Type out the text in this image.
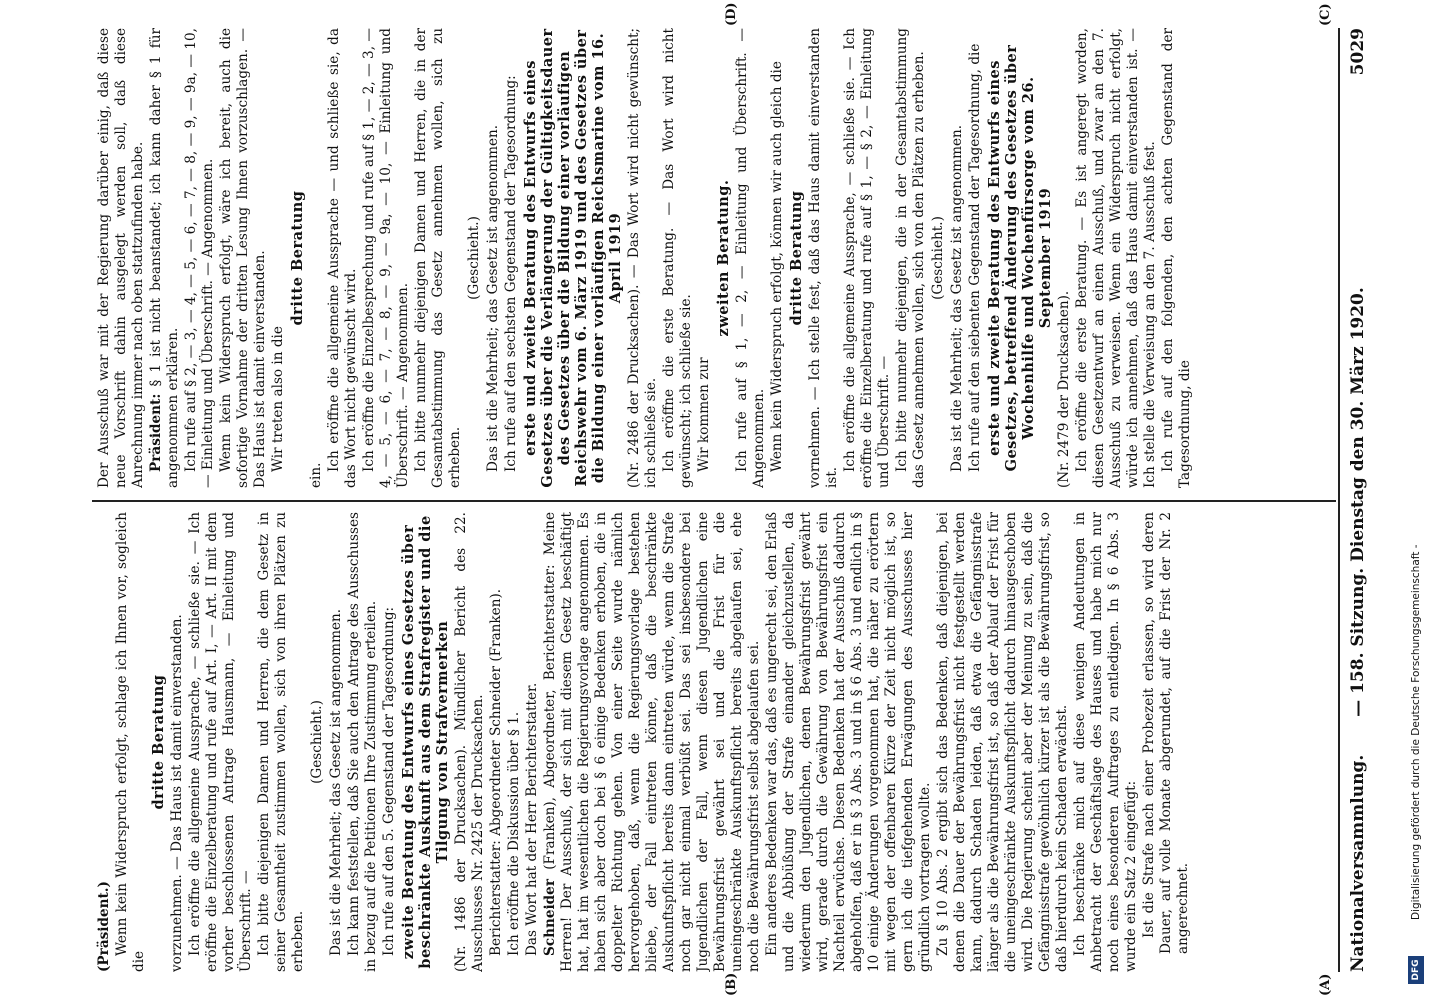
Nationalversammlung.
— 158. Sitzung. Dienstag den 30. März 1920.
5029
(A)
(B)
(C)
(D)

(Präsident.) Wenn kein Widerspruch erfolgt, schlage ich Ihnen vor, sogleich die

dritte Beratung vorzunehmen. — Das Haus ist damit einverstanden. Ich eröffne die allgemeine Aussprache, — schließe sie. — Ich eröffne die Einzelberatung und rufe auf Art. I, — Art. II mit dem vorher beschlossenen Antrage Hausmann, — Einleitung und Überschrift. — Ich bitte diejenigen Damen und Herren, die dem Gesetz in seiner Gesamtheit zustimmen wollen, sich von ihren Plätzen zu erheben.

(Geschieht.) Das ist die Mehrheit; das Gesetz ist angenommen. Ich kann feststellen, daß Sie auch den Antrage des Ausschusses in bezug auf die Petitionen Ihre Zustimmung erteilen. Ich rufe auf den 5. Gegenstand der Tagesordnung: zweite Beratung des Entwurfs eines Gesetzes über beschränkte Auskunft aus dem Strafregister und die Tilgung von Strafvermerken (Nr. 1486 der Drucksachen). Mündlicher Bericht des 22. Ausschusses Nr. 2425 der Drucksachen. Berichterstatter: Abgeordneter Schneider (Franken). Ich eröffne die Diskussion über § 1. Das Wort hat der Herr Berichterstatter. Schneider (Franken), Abgeordneter, Berichterstatter: Meine Herren! Der Ausschuß, der sich mit diesem Gesetz beschäftigt hat, hat im wesentlichen die Regierungsvorlage angenommen. Es haben sich aber doch bei § 6 einige Bedenken erhoben, die in doppelter Richtung gehen. Von einer Seite wurde nämlich hervorgehoben, daß, wenn die Regierungsvorlage bestehen bliebe, der Fall eintreten könne, daß die beschränkte Auskunftspflicht bereits dann eintreten würde, wenn die Strafe noch gar nicht einmal verbüßt sei. Das sei insbesondere bei Jugendlichen der Fall, wenn diesen Jugendlichen eine Bewährungsfrist gewährt sei und die Frist für die uneingeschränkte Auskunftspflicht bereits abgelaufen sei, ehe noch die Bewährungsfrist selbst abgelaufen sei. Ein anderes Bedenken war das, daß es ungerecht sei, den Erlaß und die Abbüßung der Strafe einander gleichzustellen, da wiederum den Jugendlichen, denen Bewährungsfrist gewährt wird, gerade durch die Gewährung von Bewährungsfrist ein Nachteil erwüchse. Diesen Bedenken hat der Ausschuß dadurch abgeholfen, daß er in § 3 Abs. 3 und in § 6 Abs. 3 und endlich in § 10 einige Änderungen vorgenommen hat, die näher zu erörtern mit wegen der offenbaren Kürze der Zeit nicht möglich ist, so gern ich die tiefgehenden Erwägungen des Ausschusses hier gründlich vortragen wollte. Zu § 10 Abs. 2 ergibt sich das Bedenken, daß diejenigen, bei denen die Dauer der Bewährungsfrist nicht festgestellt werden kann, dadurch Schaden leiden, daß etwa die Gefängnisstrafe länger als die Bewährungsfrist ist, so daß der Ablauf der Frist für die uneingeschränkte Auskunftspflicht dadurch hinausgeschoben wird. Die Regierung scheint aber der Meinung zu sein, daß die Gefängnisstrafe gewöhnlich kürzer ist als die Bewährungsfrist, so daß hierdurch kein Schaden erwächst. Ich beschränke mich auf diese wenigen Andeutungen in Anbetracht der Geschäftslage des Hauses und habe mich nur noch eines besonderen Auftrages zu entledigen. In § 6 Abs. 3 wurde ein Satz 2 eingefügt: Ist die Strafe nach einer Probezeit erlassen, so wird deren Dauer, auf volle Monate abgerundet, auf die Frist der Nr. 2 angerechnet.

Der Ausschuß war mit der Regierung darüber einig, daß diese neue Vorschrift dahin ausgelegt werden soll, daß diese Anrechnung immer nach oben stattzufinden habe. Präsident: § 1 ist nicht beanstandet; ich kann daher § 1 für angenommen erklären. Ich rufe auf § 2, — 3, — 4, — 5, — 6, — 7, — 8, — 9, — 9a, — 10, — Einleitung und Überschrift. — Angenommen. Wenn kein Widerspruch erfolgt, wäre ich bereit, auch die sofortige Vornahme der dritten Lesung Ihnen vorzuschlagen. — Das Haus ist damit einverstanden. Wir treten also in die

dritte Beratung

ein.

Ich eröffne die allgemeine Aussprache — und schließe sie, da das Wort nicht gewünscht wird. Ich eröffne die Einzelbesprechung und rufe auf § 1, — 2, — 3, — 4, — 5, — 6, — 7, — 8, — 9, — 9a, — 10, — Einleitung und Überschrift. — Angenommen. Ich bitte nunmehr diejenigen Damen und Herren, die in der Gesamtabstimmung das Gesetz annehmen wollen, sich zu erheben.

(Geschieht.) Das ist die Mehrheit; das Gesetz ist angenommen. Ich rufe auf den sechsten Gegenstand der Tagesordnung: erste und zweite Beratung des Entwurfs eines Gesetzes über die Verlängerung der Gültigkeitsdauer des Gesetzes über die Bildung einer vorläufigen Reichswehr vom 6. März 1919 und des Gesetzes über die Bildung einer vorläufigen Reichsmarine vom 16. April 1919 (Nr. 2486 der Drucksachen). — Das Wort wird nicht gewünscht; ich schließe sie. Ich eröffne die erste Beratung. — Das Wort wird nicht gewünscht; ich schließe sie. Wir kommen zur

zweiten Beratung. Ich rufe auf § 1, — 2, — Einleitung und Überschrift. — Angenommen. Wenn kein Widerspruch erfolgt, können wir auch gleich die dritte Beratung vornehmen. — Ich stelle fest, daß das Haus damit einverstanden ist.

Ich eröffne die allgemeine Aussprache, — schließe sie. — Ich eröffne die Einzelberatung und rufe auf § 1, — § 2, — Einleitung und Überschrift. — Ich bitte nunmehr diejenigen, die in der Gesamtabstimmung das Gesetz annehmen wollen, sich von den Plätzen zu erheben. (Geschieht.) Das ist die Mehrheit; das Gesetz ist angenommen. Ich rufe auf den siebenten Gegenstand der Tagesordnung, die erste und zweite Beratung des Entwurfs eines Gesetzes, betreffend Änderung des Gesetzes über Wochenhilfe und Wochenfürsorge vom 26. September 1919

(Nr. 2479 der Drucksachen). Ich eröffne die erste Beratung. — Es ist angeregt worden, diesen Gesetzentwurf an einen Ausschuß, und zwar an den 7. Ausschuß zu verweisen. Wenn ein Widerspruch nicht erfolgt, würde ich annehmen, daß das Haus damit einverstanden ist. — Ich stelle die Verweisung an den 7. Ausschuß fest. Ich rufe auf den folgenden, den achten Gegenstand der Tagesordnung, die

DFG
Digitalisierung gefördert durch die Deutsche Forschungsgemeinschaft -
